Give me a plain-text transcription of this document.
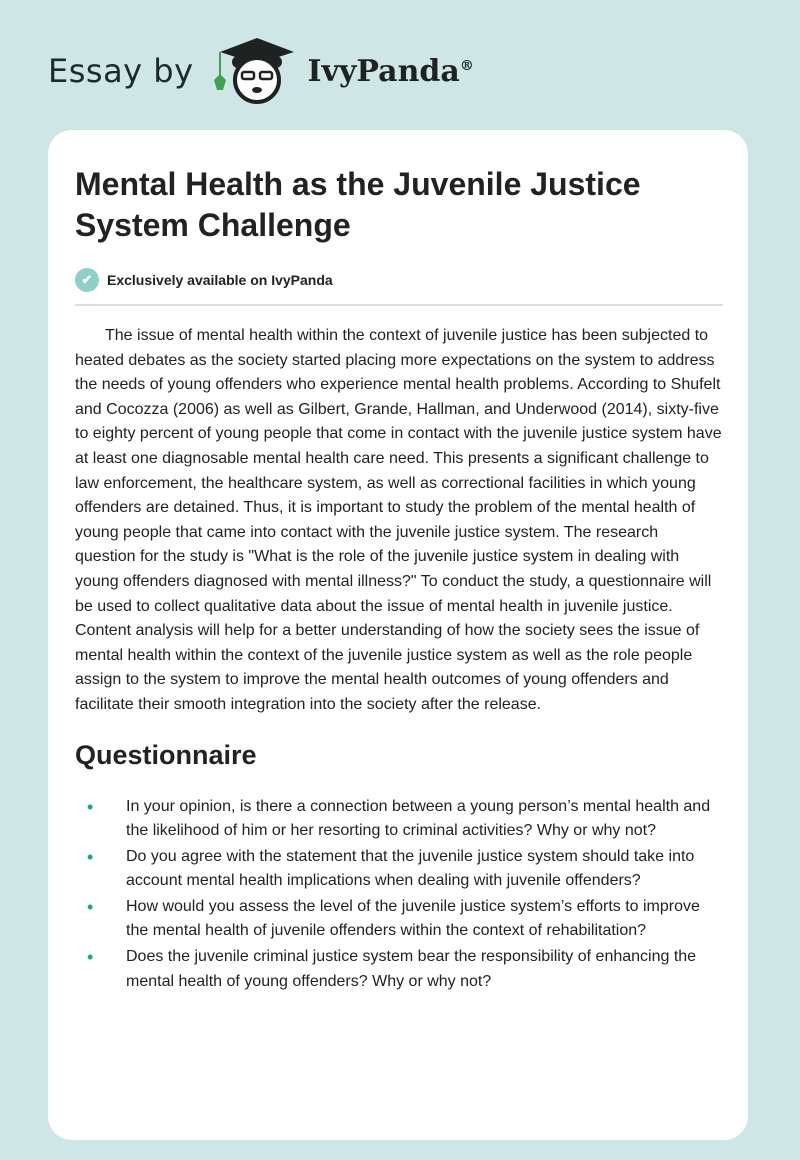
Essay by	IvyPanda®
Mental Health as the Juvenile Justice System Challenge
✔	Exclusively available on IvyPanda

The issue of mental health within the context of juvenile justice has been subjected to heated debates as the society started placing more expectations on the system to address the needs of young offenders who experience mental health problems. According to Shufelt and Cocozza (2006) as well as Gilbert, Grande, Hallman, and Underwood (2014), sixty-five to eighty percent of young people that come in contact with the juvenile justice system have at least one diagnosable mental health care need. This presents a significant challenge to law enforcement, the healthcare system, as well as correctional facilities in which young offenders are detained. Thus, it is important to study the problem of the mental health of young people that came into contact with the juvenile justice system. The research question for the study is "What is the role of the juvenile justice system in dealing with young offenders diagnosed with mental illness?" To conduct the study, a questionnaire will be used to collect qualitative data about the issue of mental health in juvenile justice. Content analysis will help for a better understanding of how the society sees the issue of mental health within the context of the juvenile justice system as well as the role people assign to the system to improve the mental health outcomes of young offenders and facilitate their smooth integration into the society after the release.

Questionnaire
• In your opinion, is there a connection between a young person’s mental health and the likelihood of him or her resorting to criminal activities? Why or why not?
• Do you agree with the statement that the juvenile justice system should take into account mental health implications when dealing with juvenile offenders?
• How would you assess the level of the juvenile justice system’s efforts to improve the mental health of juvenile offenders within the context of rehabilitation?
• Does the juvenile criminal justice system bear the responsibility of enhancing the mental health of young offenders? Why or why not?
